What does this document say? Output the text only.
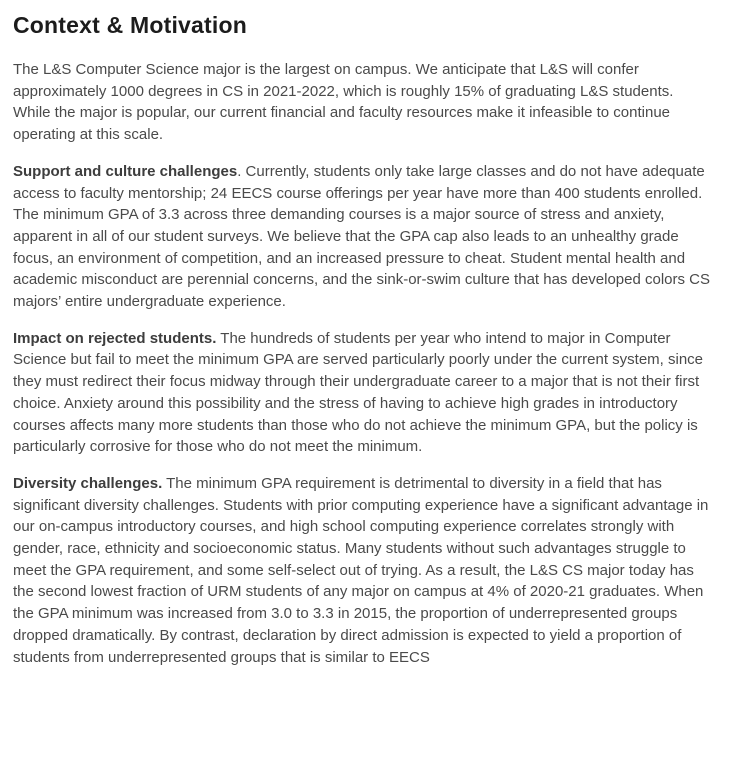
Context & Motivation

The L&S Computer Science major is the largest on campus. We anticipate that L&S will confer approximately 1000 degrees in CS in 2021-2022, which is roughly 15% of graduating L&S students. While the major is popular, our current financial and faculty resources make it infeasible to continue operating at this scale.

Support and culture challenges. Currently, students only take large classes and do not have adequate access to faculty mentorship; 24 EECS course offerings per year have more than 400 students enrolled. The minimum GPA of 3.3 across three demanding courses is a major source of stress and anxiety, apparent in all of our student surveys. We believe that the GPA cap also leads to an unhealthy grade focus, an environment of competition, and an increased pressure to cheat. Student mental health and academic misconduct are perennial concerns, and the sink-or-swim culture that has developed colors CS majors’ entire undergraduate experience.

Impact on rejected students. The hundreds of students per year who intend to major in Computer Science but fail to meet the minimum GPA are served particularly poorly under the current system, since they must redirect their focus midway through their undergraduate career to a major that is not their first choice. Anxiety around this possibility and the stress of having to achieve high grades in introductory courses affects many more students than those who do not achieve the minimum GPA, but the policy is particularly corrosive for those who do not meet the minimum.

Diversity challenges. The minimum GPA requirement is detrimental to diversity in a field that has significant diversity challenges. Students with prior computing experience have a significant advantage in our on-campus introductory courses, and high school computing experience correlates strongly with gender, race, ethnicity and socioeconomic status. Many students without such advantages struggle to meet the GPA requirement, and some self-select out of trying. As a result, the L&S CS major today has the second lowest fraction of URM students of any major on campus at 4% of 2020-21 graduates. When the GPA minimum was increased from 3.0 to 3.3 in 2015, the proportion of underrepresented groups dropped dramatically. By contrast, declaration by direct admission is expected to yield a proportion of students from underrepresented groups that is similar to EECS
